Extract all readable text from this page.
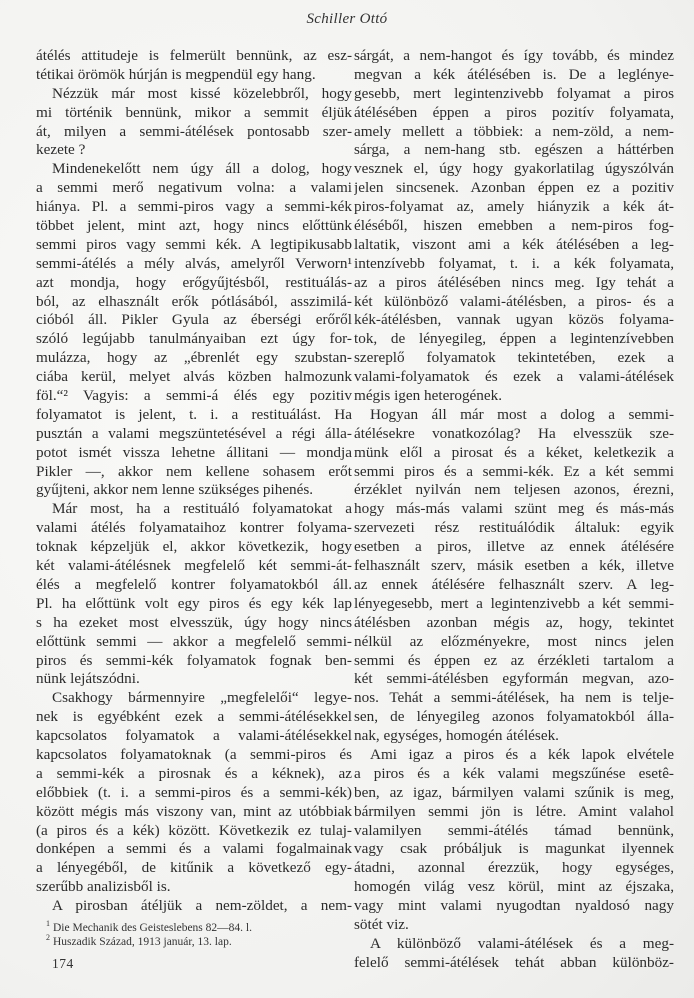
Schiller Ottó
átélés attitudeje is felmerült bennünk, az esz-
tétikai örömök húrján is megpendül egy hang.
Nézzük már most kissé közelebbről, hogy
mi történik bennünk, mikor a semmit éljük
át, milyen a semmi-átélések pontosabb szer-
kezete ?
Mindenekelőtt nem úgy áll a dolog, hogy
a semmi merő negativum volna: a valami
hiánya. Pl. a semmi-piros vagy a semmi-kék
többet jelent, mint azt, hogy nincs előttünk
semmi piros vagy semmi kék. A legtipikusabb
semmi-átélés a mély alvás, amelyről Verworn¹
azt mondja, hogy erőgyűjtésből, restituálás-
ból, az elhasznált erők pótlásából, asszimilá-
cióból áll. Pikler Gyula az éberségi erőről
szóló legújabb tanulmányaiban ezt úgy for-
mulázza, hogy az „ébrenlét egy szubstan-
ciába kerül, melyet alvás közben halmozunk
föl.“² Vagyis: a semmi-á élés egy pozitiv
folyamatot is jelent, t. i. a restituálást. Ha
pusztán a valami megszüntetésével a régi álla-
potot ismét vissza lehetne állitani — mondja
Pikler —, akkor nem kellene sohasem erőt
gyűjteni, akkor nem lenne szükséges pihenés.
Már most, ha a restituáló folyamatokat a
valami átélés folyamataihoz kontrer folyama-
toknak képzeljük el, akkor következik, hogy
két valami-átélésnek megfelelő két semmi-át-
élés a megfelelő kontrer folyamatokból áll.
Pl. ha előttünk volt egy piros és egy kék lap
s ha ezeket most elvesszük, úgy hogy nincs
előttünk semmi — akkor a megfelelő semmi-
piros és semmi-kék folyamatok fognak ben-
nünk lejátszódni.
Csakhogy bármennyire „megfelelői“ legye-
nek is egyébként ezek a semmi-átélésekkel
kapcsolatos folyamatok a valami-átélésekkel
kapcsolatos folyamatoknak (a semmi-piros és
a semmi-kék a pirosnak és a kéknek), az
előbbiek (t. i. a semmi-piros és a semmi-kék)
között mégis más viszony van, mint az utóbbiak
(a piros és a kék) között. Következik ez tulaj-
donképen a semmi és a valami fogalmainak
a lényegéből, de kitűnik a következő egy-
szerűbb analizisből is.
A pirosban átéljük a nem-zöldet, a nem-
sárgát, a nem-hangot és így tovább, és mindez
megvan a kék átélésében is. De a leglénye-
gesebb, mert legintenzivebb folyamat a piros
átélésében éppen a piros pozitív folyamata,
amely mellett a többiek: a nem-zöld, a nem-
sárga, a nem-hang stb. egészen a háttérben
vesznek el, úgy hogy gyakorlatilag úgyszólván
jelen sincsenek. Azonban éppen ez a pozitiv
piros-folyamat az, amely hiányzik a kék át-
éléséből, hiszen emebben a nem-piros fog-
laltatik, viszont ami a kék átélésében a leg-
intenzívebb folyamat, t. i. a kék folyamata,
az a piros átélésében nincs meg. Igy tehát a
két különböző valami-átélésben, a piros- és a
kék-átélésben, vannak ugyan közös folyama-
tok, de lényegileg, éppen a legintenzívebben
szereplő folyamatok tekintetében, ezek a
valami-folyamatok és ezek a valami-átélések
mégis igen heterogének.
Hogyan áll már most a dolog a semmi-
átélésekre vonatkozólag? Ha elvesszük sze-
münk elől a pirosat és a kéket, keletkezik a
semmi piros és a semmi-kék. Ez a két semmi
érzéklet nyilván nem teljesen azonos, érezni,
hogy más-más valami szünt meg és más-más
szervezeti rész restituálódik általuk: egyik
esetben a piros, illetve az ennek átélésére
felhasznált szerv, másik esetben a kék, illetve
az ennek átélésére felhasznált szerv. A leg-
lényegesebb, mert a legintenzivebb a két semmi-
átélésben azonban mégis az, hogy, tekintet
nélkül az előzményekre, most nincs jelen
semmi és éppen ez az érzékleti tartalom a
két semmi-átélésben egyformán megvan, azo-
nos. Tehát a semmi-átélések, ha nem is telje-
sen, de lényegileg azonos folyamatokból álla-
nak, egységes, homogén átélések.
Ami igaz a piros és a kék lapok elvétele
a piros és a kék valami megszűnése esetê-
ben, az igaz, bármilyen valami szűnik is meg,
bármilyen semmi jön is létre. Amint valahol
valamilyen semmi-átélés támad bennünk,
vagy csak próbáljuk is magunkat ilyennek
átadni, azonnal érezzük, hogy egységes,
homogén világ vesz körül, mint az éjszaka,
vagy mint valami nyugodtan nyaldosó nagy
sötét viz.
A különböző valami-átélések és a meg-
felelő semmi-átélések tehát abban különböz-
$^1$ Die Mechanik des Geisteslebens 82—84. l.
$^2$ Huszadik Század, 1913 január, 13. lap.
174
